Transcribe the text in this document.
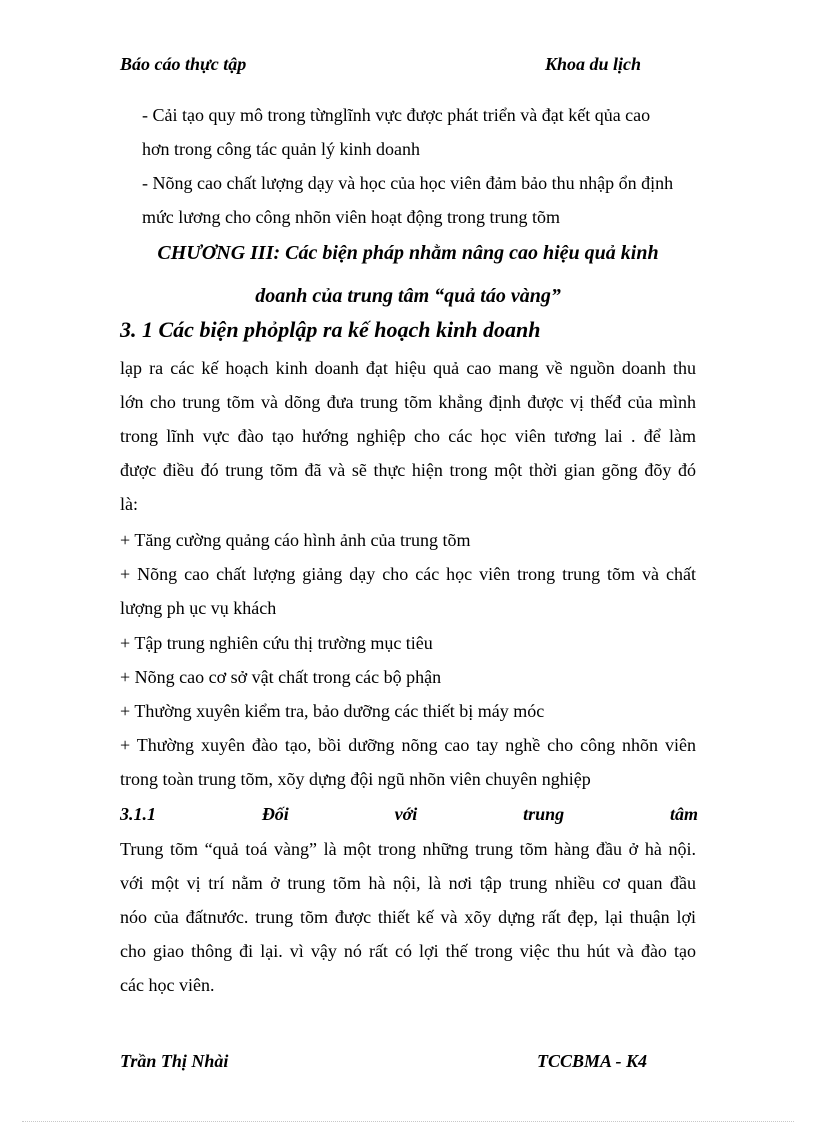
Báo cáo thực tập	Khoa du lịch
- Cải tạo quy mô trong từnglĩnh vực được phát triển và đạt kết qủa cao
hơn trong công tác quản lý kinh doanh
- Nõng cao chất lượng dạy và học của học viên đảm bảo thu nhập ổn định
mức lương cho công nhõn viên hoạt động trong trung tõm
CHƯƠNG III: Các biện pháp nhằm nâng cao hiệu quả kinh
doanh của trung tâm “quả táo vàng”
3. 1 Các biện phỏplập ra kế hoạch kinh doanh
lạp ra các kế hoạch kinh doanh đạt hiệu quả cao mang về nguồn doanh thu
lớn cho trung tõm và dõng đưa trung tõm khẳng định được vị thếđ của mình
trong lĩnh vực đào tạo hướng nghiệp cho các học viên tương lai . để làm
được điều đó trung tõm đã và sẽ thực hiện trong một thời gian gõng đõy đó
là:
+ Tăng cường quảng cáo hình ảnh của trung tõm
+ Nõng cao chất lượng giảng dạy cho các học viên trong trung tõm và chất
lượng ph ục vụ khách
+ Tập trung nghiên cứu thị trường mục tiêu
+ Nõng cao cơ sở vật chất trong các bộ phận
+ Thường xuyên kiểm tra, bảo dưỡng các thiết bị máy móc
+ Thường xuyên đào tạo, bồi dưỡng nõng cao tay nghề cho công nhõn viên
trong toàn trung tõm, xõy dựng đội ngũ nhõn viên chuyên nghiệp
3.1.1	Đối	với	trung	tâm
Trung tõm “quả toá vàng” là một trong những trung tõm hàng đầu ở hà nội.
với một vị trí nằm ở trung tõm hà nội, là nơi tập trung nhiều cơ quan đầu
nóo của đấtnước. trung tõm được thiết kế và xõy dựng rất đẹp, lại thuận lợi
cho giao thông đi lại. vì vậy nó rất có lợi thế trong việc thu hút và đào tạo
các học viên.
Trần Thị Nhài	TCCBMA - K4
